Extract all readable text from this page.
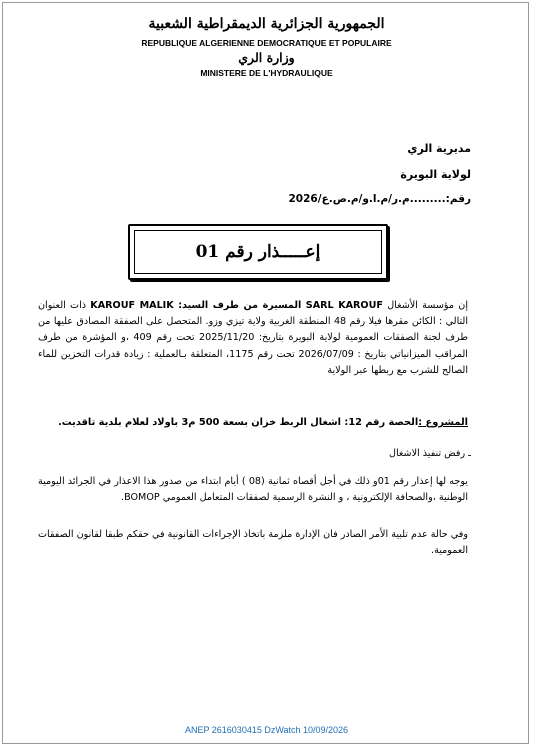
الجمهورية الجزائرية الديمقراطية الشعبية

REPUBLIQUE ALGERIENNE DEMOCRATIQUE ET POPULAIRE

وزارة الري

MINISTERE DE L'HYDRAULIQUE

مديرية الري

لولاية البويرة

رقم:.........م.ر/م.ا.و/م.ص.ع/2026

إعـــــذار رقم 01

إن مؤسسة الأشغال SARL KAROUF المسيرة من طرف السيد: KAROUF MALIK ذات العنوان التالي : الكائن مقرها فيلا رقم 48 المنطقة الغربية ولاية تيزي وزو. المتحصل على الصفقة المصادق عليها من طرف لجنة الصفقات العمومية لولاية البويرة بتاريخ: 2025/11/20 تحت رقم 409 ،و المؤشرة من طرف المراقب الميزانياتي بتاريخ : 2026/07/09 تحت رقم 1175، المتعلقة بـالعملية : زيادة قدرات التخزين للماء الصالح للشرب مع ربطها عبر الولاية

المشروع :الحصة رقم 12: اشغال الربط خزان بسعة 500 م3 باولاد لعلام بلدية تاقديت.

ـ رفض تنفيذ الاشغال

يوجه لها إعذار رقم 01و ذلك في أجل أقصاه ثمانية (08 ) أيام ابتداء من صدور هذا الاعذار في الجرائد اليومية الوطنية ،والصحافة الإلكترونية ، و النشرة الرسمية لصفقات المتعامل العمومي BOMOP.

وفي حالة عدم تلبية الأمر الصادر فان الإدارة ملزمة باتخاذ الإجراءات القانونية في حقكم طبقا لقانون الصفقات العمومية.

ANEP 2616030415 DzWatch 10/09/2026
